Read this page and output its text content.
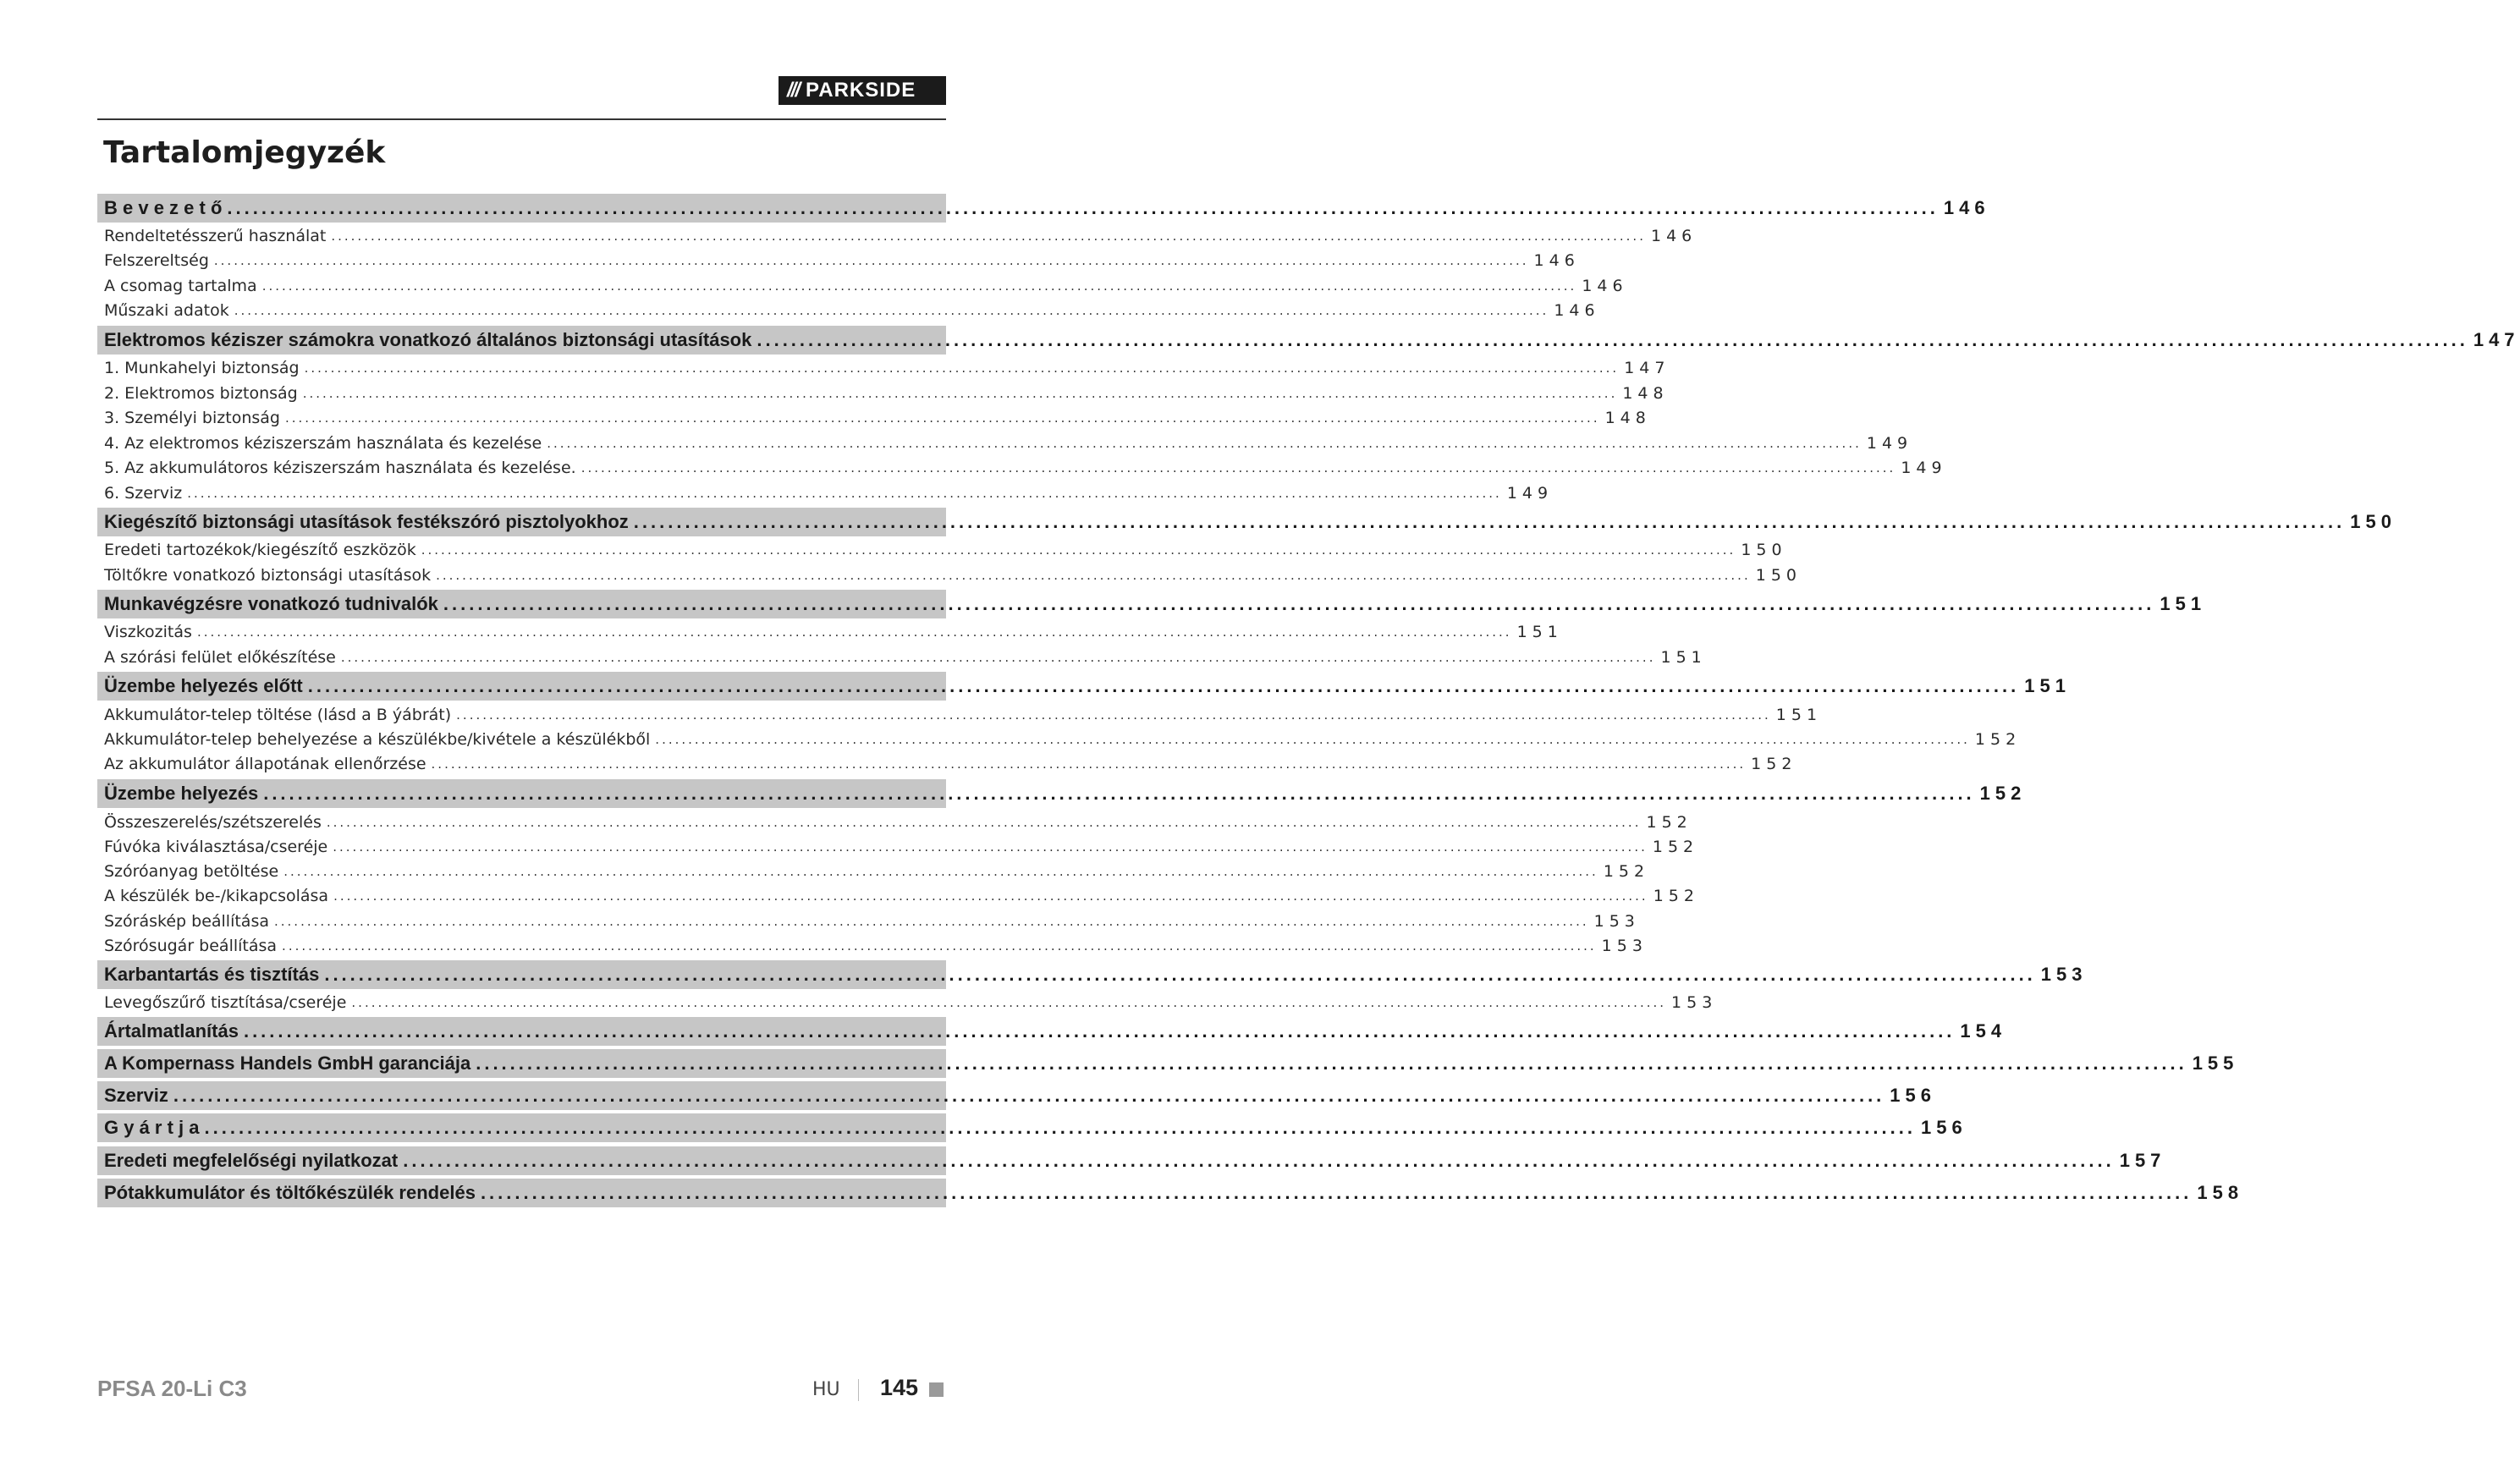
/// PARKSIDE
Tartalomjegyzék
B e v e z e t ő ........................................................................................................................................................................................................ 146
Rendeltetésszerű használat ........................................................................................................................................................................................................ 146
Felszereltség ........................................................................................................................................................................................................ 146
A csomag tartalma ........................................................................................................................................................................................................ 146
Műszaki adatok ........................................................................................................................................................................................................ 146
Elektromos kéziszer számokra vonatkozó általános biztonsági utasítások ........................................................................................................................................................................................................ 147
1. Munkahelyi biztonság ........................................................................................................................................................................................................ 147
2. Elektromos biztonság ........................................................................................................................................................................................................ 148
3. Személyi biztonság ........................................................................................................................................................................................................ 148
4. Az elektromos kéziszerszám használata és kezelése ........................................................................................................................................................................................................ 149
5. Az akkumulátoros kéziszerszám használata és kezelése. ........................................................................................................................................................................................................ 149
6. Szerviz ........................................................................................................................................................................................................ 149
Kiegészítő biztonsági utasítások festékszóró pisztolyokhoz ........................................................................................................................................................................................................ 150
Eredeti tartozékok/kiegészítő eszközök ........................................................................................................................................................................................................ 150
Töltőkre vonatkozó biztonsági utasítások ........................................................................................................................................................................................................ 150
Munkavégzésre vonatkozó tudnivalók ........................................................................................................................................................................................................ 151
Viszkozitás ........................................................................................................................................................................................................ 151
A szórási felület előkészítése ........................................................................................................................................................................................................ 151
Üzembe helyezés előtt ........................................................................................................................................................................................................ 151
Akkumulátor-telep töltése (lásd a B ýábrát) ........................................................................................................................................................................................................ 151
Akkumulátor-telep behelyezése a készülékbe/kivétele a készülékből ........................................................................................................................................................................................................ 152
Az akkumulátor állapotának ellenőrzése ........................................................................................................................................................................................................ 152
Üzembe helyezés ........................................................................................................................................................................................................ 152
Összeszerelés/szétszerelés ........................................................................................................................................................................................................ 152
Fúvóka kiválasztása/cseréje ........................................................................................................................................................................................................ 152
Szóróanyag betöltése ........................................................................................................................................................................................................ 152
A készülék be-/kikapcsolása ........................................................................................................................................................................................................ 152
Szóráskép beállítása ........................................................................................................................................................................................................ 153
Szórósugár beállítása ........................................................................................................................................................................................................ 153
Karbantartás és tisztítás ........................................................................................................................................................................................................ 153
Levegőszűrő tisztítása/cseréje ........................................................................................................................................................................................................ 153
Ártalmatlanítás ........................................................................................................................................................................................................ 154
A Kompernass Handels GmbH garanciája ........................................................................................................................................................................................................ 155
Szerviz ........................................................................................................................................................................................................ 156
G y á r t j a ........................................................................................................................................................................................................ 156
Eredeti megfelelőségi nyilatkozat ........................................................................................................................................................................................................ 157
Pótakkumulátor és töltőkészülék rendelés ........................................................................................................................................................................................................ 158
PFSA 20-Li C3	HU 145
